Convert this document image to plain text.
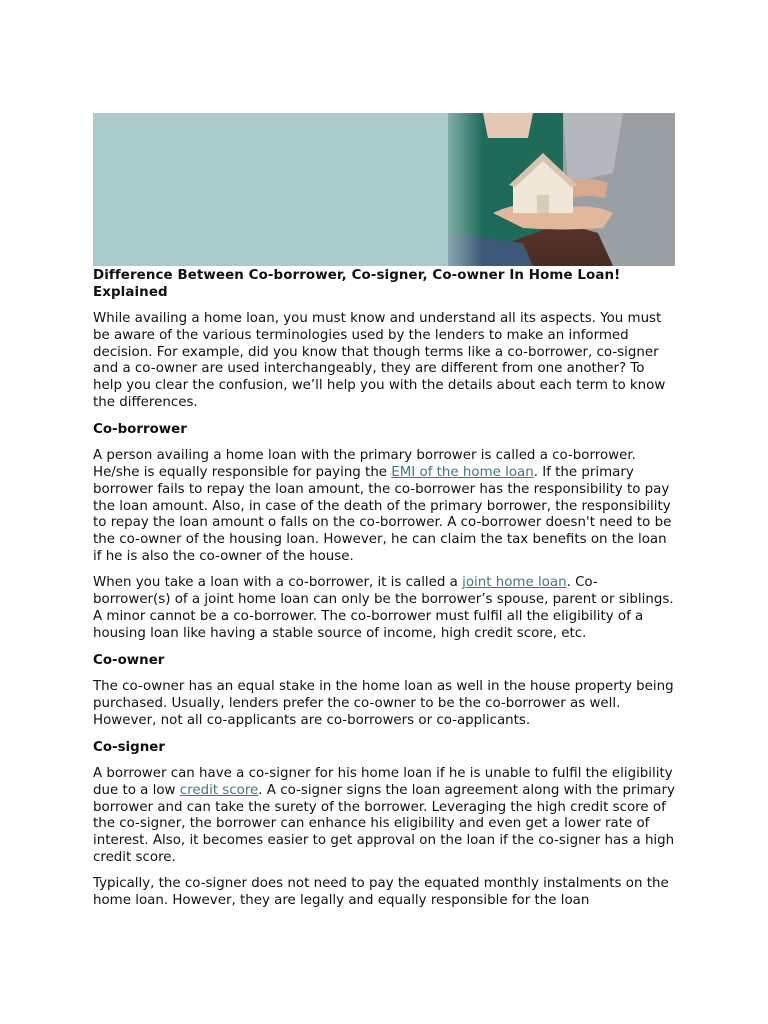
Difference Between Co-borrower, Co-signer, Co-owner In Home Loan! Explained

While availing a home loan, you must know and understand all its aspects. You must be aware of the various terminologies used by the lenders to make an informed decision. For example, did you know that though terms like a co-borrower, co-signer and a co-owner are used interchangeably, they are different from one another? To help you clear the confusion, we’ll help you with the details about each term to know the differences.

Co-borrower

A person availing a home loan with the primary borrower is called a co-borrower. He/she is equally responsible for paying the EMI of the home loan. If the primary borrower fails to repay the loan amount, the co-borrower has the responsibility to pay the loan amount. Also, in case of the death of the primary borrower, the responsibility to repay the loan amount o falls on the co-borrower. A co-borrower doesn't need to be the co-owner of the housing loan. However, he can claim the tax benefits on the loan if he is also the co-owner of the house.

When you take a loan with a co-borrower, it is called a joint home loan. Co-borrower(s) of a joint home loan can only be the borrower’s spouse, parent or siblings. A minor cannot be a co-borrower. The co-borrower must fulfil all the eligibility of a housing loan like having a stable source of income, high credit score, etc.

Co-owner

The co-owner has an equal stake in the home loan as well in the house property being purchased. Usually, lenders prefer the co-owner to be the co-borrower as well. However, not all co-applicants are co-borrowers or co-applicants.

Co-signer

A borrower can have a co-signer for his home loan if he is unable to fulfil the eligibility due to a low credit score. A co-signer signs the loan agreement along with the primary borrower and can take the surety of the borrower. Leveraging the high credit score of the co-signer, the borrower can enhance his eligibility and even get a lower rate of interest. Also, it becomes easier to get approval on the loan if the co-signer has a high credit score.

Typically, the co-signer does not need to pay the equated monthly instalments on the home loan. However, they are legally and equally responsible for the loan
